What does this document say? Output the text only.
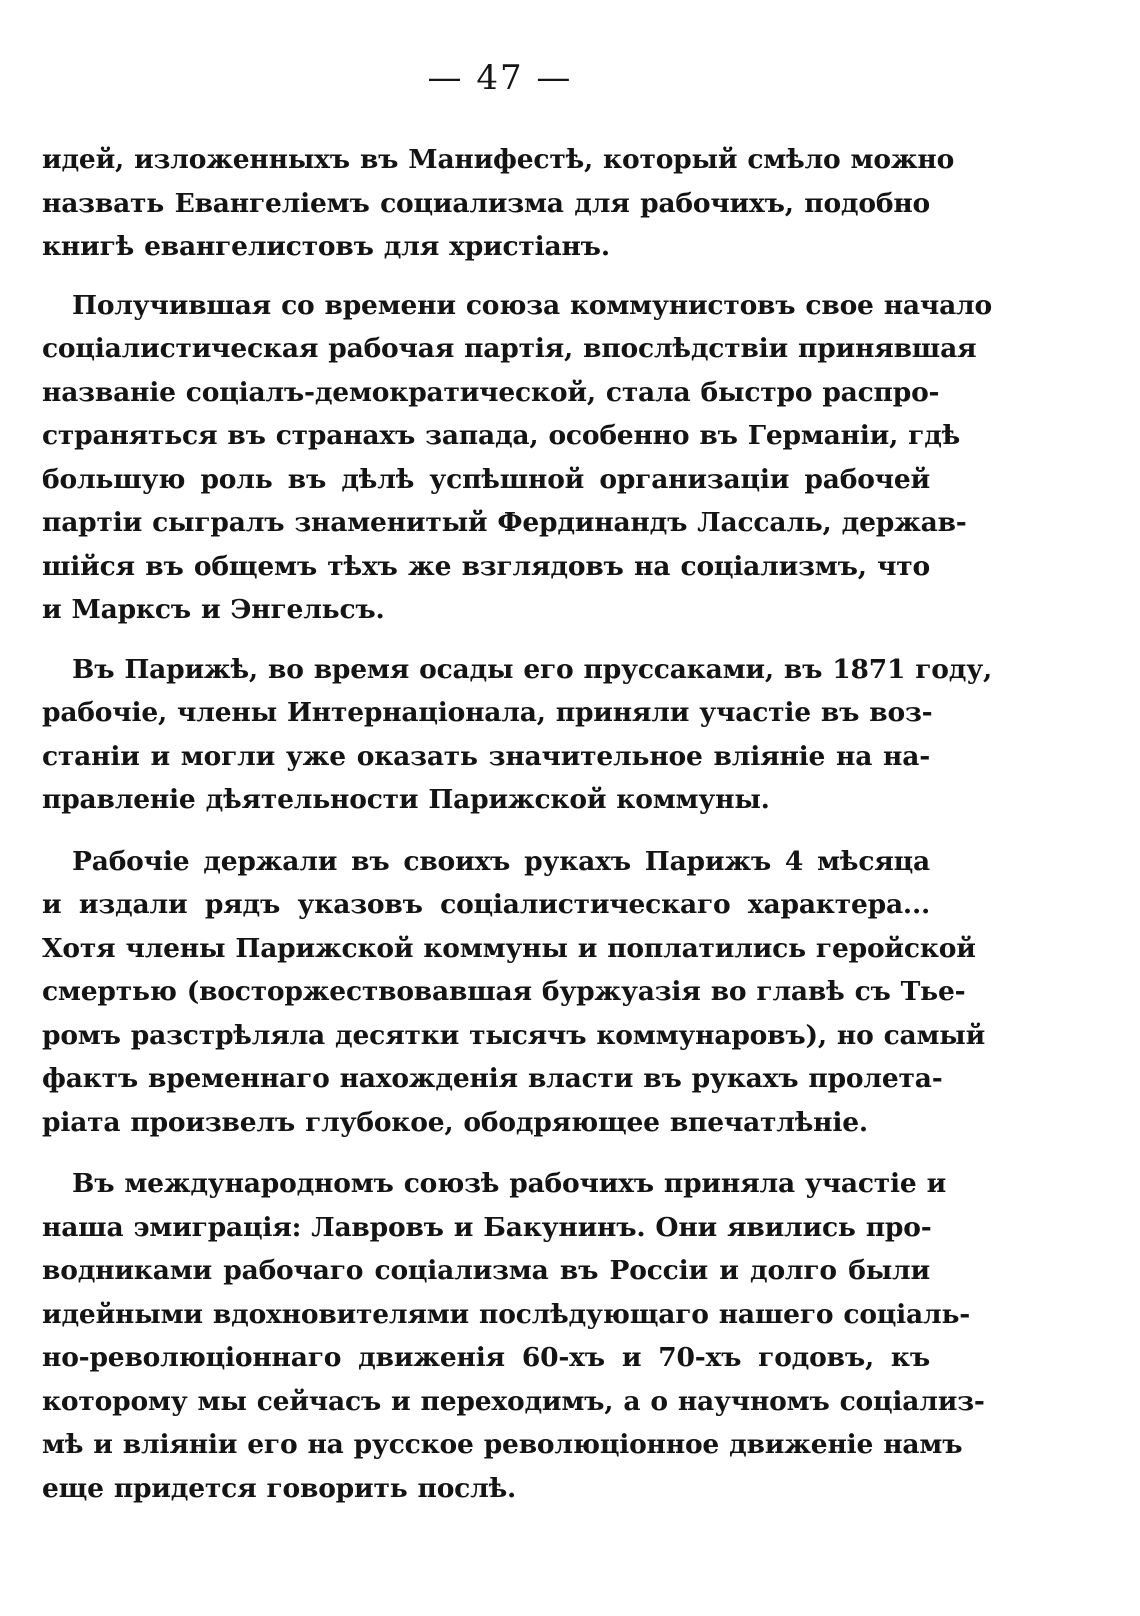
— 47 —

идей, изложенныхъ въ Манифестѣ, который смѣло можно
назвать Евангеліемъ социализма для рабочихъ, подобно
книгѣ евангелистовъ для христіанъ.

Получившая со времени союза коммунистовъ свое начало
соціалистическая рабочая партія, впослѣдствіи принявшая
названіе соціалъ-демократической, стала быстро распро-
страняться въ странахъ запада, особенно въ Германіи, гдѣ
большую роль въ дѣлѣ успѣшной организаціи рабочей
партіи сыгралъ знаменитый Фердинандъ Лассаль, держав-
шійся въ общемъ тѣхъ же взглядовъ на соціализмъ, что
и Марксъ и Энгельсъ.

Въ Парижѣ, во время осады его пруссаками, въ 1871 году,
рабочіе, члены Интернаціонала, приняли участіе въ воз-
станіи и могли уже оказать значительное вліяніе на на-
правленіе дѣятельности Парижской коммуны.

Рабочіе держали въ своихъ рукахъ Парижъ 4 мѣсяца
и издали рядъ указовъ соціалистическаго характера...
Хотя члены Парижской коммуны и поплатились геройской
смертью (восторжествовавшая буржуазія во главѣ съ Тье-
ромъ разстрѣляла десятки тысячъ коммунаровъ), но самый
фактъ временнаго нахожденія власти въ рукахъ пролета-
ріата произвелъ глубокое, ободряющее впечатлѣніе.

Въ международномъ союзѣ рабочихъ приняла участіе и
наша эмиграція: Лавровъ и Бакунинъ. Они явились про-
водниками рабочаго соціализма въ Россіи и долго были
идейными вдохновителями послѣдующаго нашего соціаль-
но-революціоннаго движенія 60-хъ и 70-хъ годовъ, къ
которому мы сейчасъ и переходимъ, а о научномъ соціализ-
мѣ и вліяніи его на русское революціонное движеніе намъ
еще придется говорить послѣ.
